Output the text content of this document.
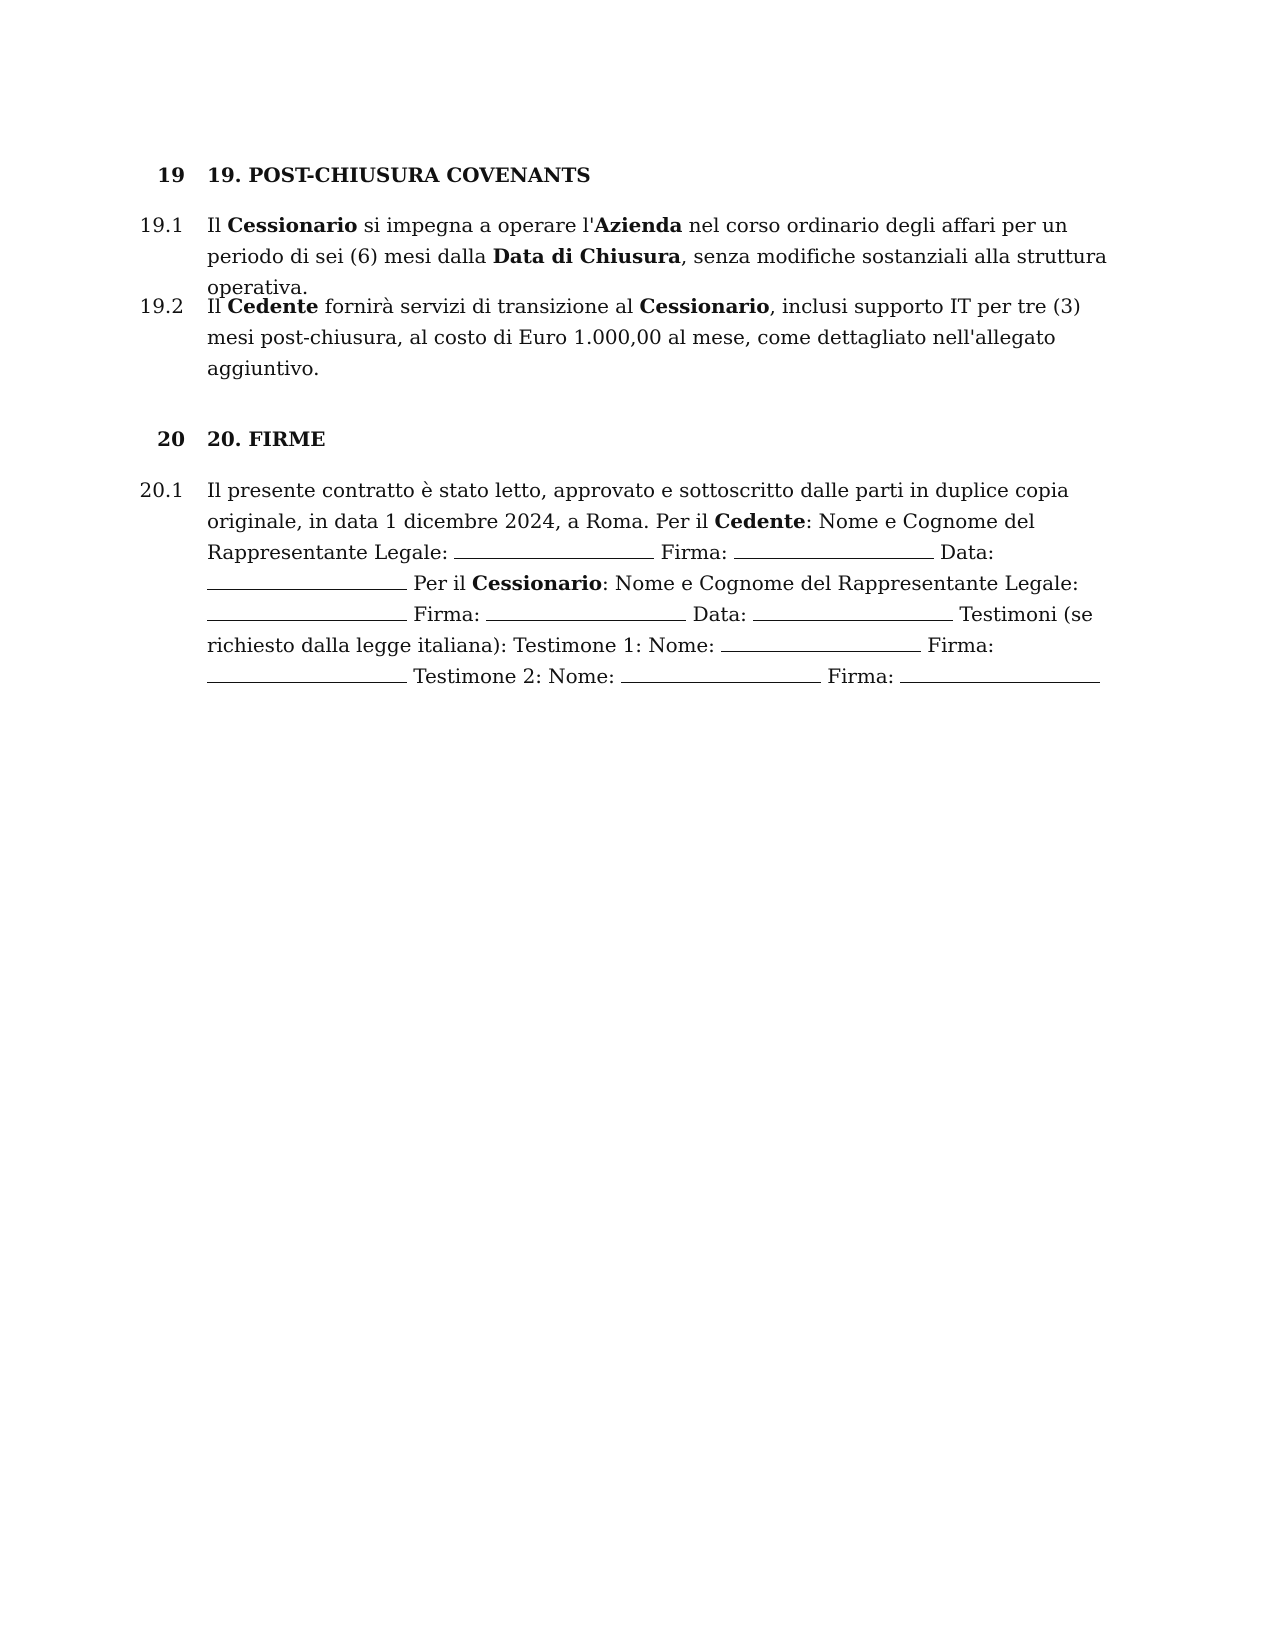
19 19. POST-CHIUSURA COVENANTS
19.1 Il Cessionario si impegna a operare l'Azienda nel corso ordinario degli affari per un periodo di sei (6) mesi dalla Data di Chiusura, senza modifiche sostanziali alla struttura operativa.
19.2 Il Cedente fornirà servizi di transizione al Cessionario, inclusi supporto IT per tre (3) mesi post-chiusura, al costo di Euro 1.000,00 al mese, come dettagliato nell'allegato aggiuntivo.
20 20. FIRME
20.1 Il presente contratto è stato letto, approvato e sottoscritto dalle parti in duplice copia originale, in data 1 dicembre 2024, a Roma. Per il Cedente: Nome e Cognome del Rappresentante Legale:	Firma:	Data:  Per il Cessionario: Nome e Cognome del Rappresentante Legale:  Firma:	Data:	Testimoni (se richiesto dalla legge italiana): Testimone 1: Nome:	Firma:  Testimone 2: Nome:	Firma:
